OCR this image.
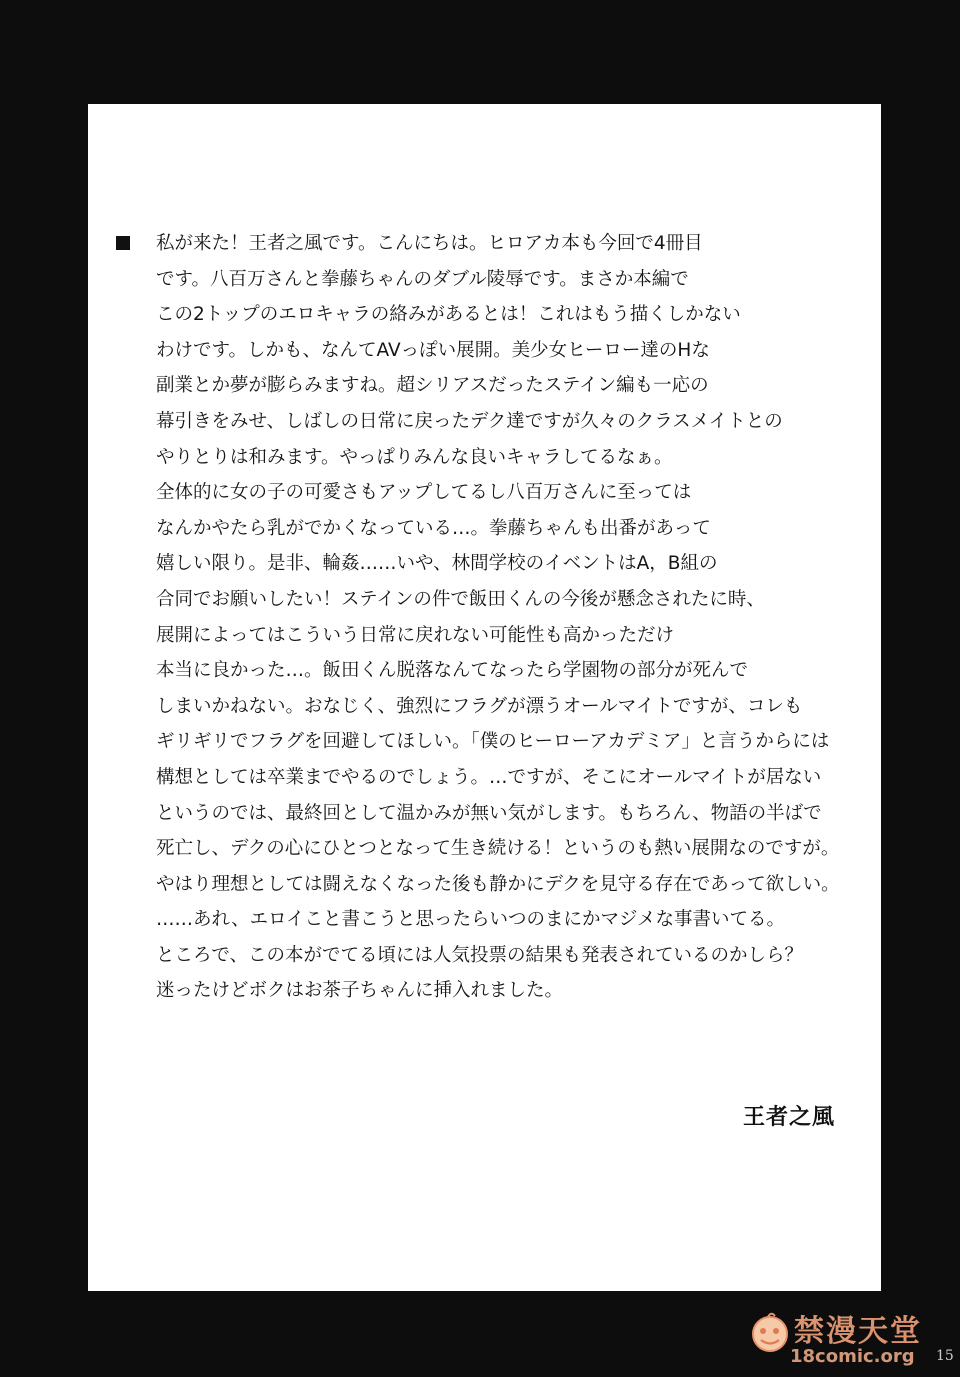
私が来た！王者之風です。こんにちは。ヒロアカ本も今回で4冊目
です。八百万さんと拳藤ちゃんのダブル陵辱です。まさか本編で
この2トップのエロキャラの絡みがあるとは！これはもう描くしかない
わけです。しかも、なんてAVっぽい展開。美少女ヒーロー達のHな
副業とか夢が膨らみますね。超シリアスだったステイン編も一応の
幕引きをみせ、しばしの日常に戻ったデク達ですが久々のクラスメイトとの
やりとりは和みます。やっぱりみんな良いキャラしてるなぁ。
全体的に女の子の可愛さもアップしてるし八百万さんに至っては
なんかやたら乳がでかくなっている…。拳藤ちゃんも出番があって
嬉しい限り。是非、輪姦……いや、林間学校のイベントはA，B組の
合同でお願いしたい！ステインの件で飯田くんの今後が懸念されたに時、
展開によってはこういう日常に戻れない可能性も高かっただけ
本当に良かった…。飯田くん脱落なんてなったら学園物の部分が死んで
しまいかねない。おなじく、強烈にフラグが漂うオールマイトですが、コレも
ギリギリでフラグを回避してほしい。「僕のヒーローアカデミア」と言うからには
構想としては卒業までやるのでしょう。…ですが、そこにオールマイトが居ない
というのでは、最終回として温かみが無い気がします。もちろん、物語の半ばで
死亡し、デクの心にひとつとなって生き続ける！というのも熱い展開なのですが。
やはり理想としては闘えなくなった後も静かにデクを見守る存在であって欲しい。
……あれ、エロイこと書こうと思ったらいつのまにかマジメな事書いてる。
ところで、この本がでてる頃には人気投票の結果も発表されているのかしら？
迷ったけどボクはお茶子ちゃんに挿入れました。
王者之風
禁漫天堂
18comic.org 15
